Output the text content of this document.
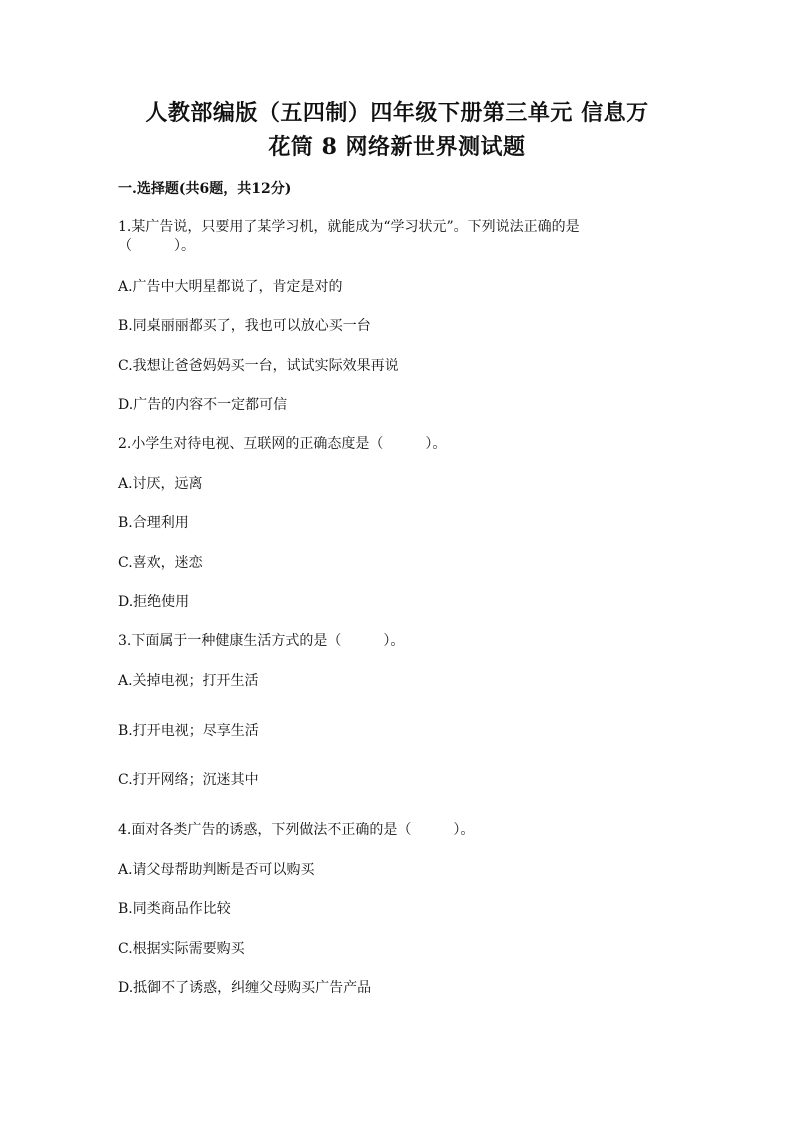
人教部编版（五四制）四年级下册第三单元 信息万
花筒 8 网络新世界测试题
一.选择题(共6题，共12分)
1.某广告说，只要用了某学习机，就能成为“学习状元”。下列说法正确的是
（　　　）。
A.广告中大明星都说了，肯定是对的
B.同桌丽丽都买了，我也可以放心买一台
C.我想让爸爸妈妈买一台，试试实际效果再说
D.广告的内容不一定都可信
2.小学生对待电视、互联网的正确态度是（　　　）。
A.讨厌，远离
B.合理利用
C.喜欢，迷恋
D.拒绝使用
3.下面属于一种健康生活方式的是（　　　）。
A.关掉电视；打开生活
B.打开电视；尽享生活
C.打开网络；沉迷其中
4.面对各类广告的诱惑，下列做法不正确的是（　　　）。
A.请父母帮助判断是否可以购买
B.同类商品作比较
C.根据实际需要购买
D.抵御不了诱惑，纠缠父母购买广告产品
